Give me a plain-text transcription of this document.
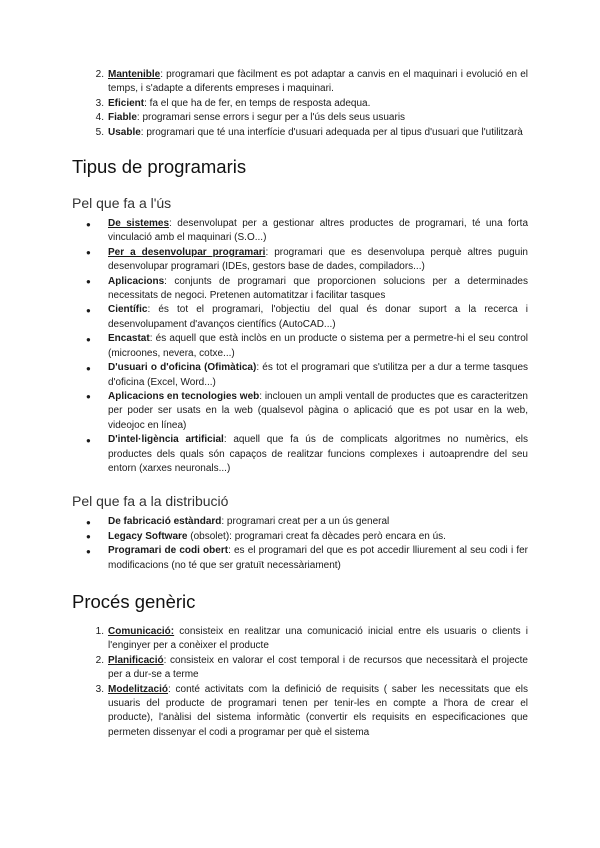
2. Mantenible: programari que fàcilment es pot adaptar a canvis en el maquinari i evolució en el temps, i s'adapte a diferents empreses i maquinari.
3. Eficient: fa el que ha de fer, en temps de resposta adequa.
4. Fiable: programari sense errors i segur per a l'ús dels seus usuaris
5. Usable: programari que té una interfície d'usuari adequada per al tipus d'usuari que l'utilitzarà
Tipus de programaris
Pel que fa a l'ús
● De sistemes: desenvolupat per a gestionar altres productes de programari, té una forta vinculació amb el maquinari (S.O...)
● Per a desenvolupar programari: programari que es desenvolupa perquè altres puguin desenvolupar programari (IDEs, gestors base de dades, compiladors...)
● Aplicacions: conjunts de programari que proporcionen solucions per a determinades necessitats de negoci. Pretenen automatitzar i facilitar tasques
● Científic: és tot el programari, l'objectiu del qual és donar suport a la recerca i desenvolupament d'avanços científics (AutoCAD...)
● Encastat: és aquell que està inclòs en un producte o sistema per a permetre-hi el seu control (microones, nevera, cotxe...)
● D'usuari o d'oficina (Ofimàtica): és tot el programari que s'utilitza per a dur a terme tasques d'oficina (Excel, Word...)
● Aplicacions en tecnologies web: inclouen un ampli ventall de productes que es caracteritzen per poder ser usats en la web (qualsevol pàgina o aplicació que es pot usar en la web, videojoc en línea)
● D'intel·ligència artificial: aquell que fa ús de complicats algoritmes no numèrics, els productes dels quals són capaços de realitzar funcions complexes i autoaprendre del seu entorn (xarxes neuronals...)
Pel que fa a la distribució
● De fabricació estàndard: programari creat per a un ús general
● Legacy Software (obsolet): programari creat fa dècades però encara en ús.
● Programari de codi obert: es el programari del que es pot accedir lliurement al seu codi i fer modificacions (no té que ser gratuït necessàriament)
Procés genèric
1. Comunicació: consisteix en realitzar una comunicació inicial entre els usuaris o clients i l'enginyer per a conèixer el producte
2. Planificació: consisteix en valorar el cost temporal i de recursos que necessitarà el projecte per a dur-se a terme
3. Modelització: conté activitats com la definició de requisits ( saber les necessitats que els usuaris del producte de programari tenen per tenir-les en compte a l'hora de crear el producte), l'anàlisi del sistema informàtic (convertir els requisits en especificaciones que permeten dissenyar el codi a programar per què el sistema
